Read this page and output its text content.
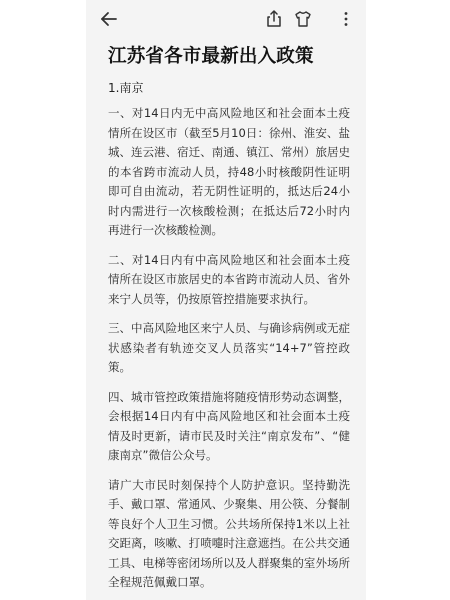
江苏省各市最新出入政策
1.南京

一、对14日内无中高风险地区和社会面本土疫情所在设区市（截至5月10日：徐州、淮安、盐城、连云港、宿迁、南通、镇江、常州）旅居史的本省跨市流动人员，持48小时核酸阴性证明即可自由流动，若无阴性证明的，抵达后24小时内需进行一次核酸检测；在抵达后72小时内再进行一次核酸检测。

二、对14日内有中高风险地区和社会面本土疫情所在设区市旅居史的本省跨市流动人员、省外来宁人员等，仍按原管控措施要求执行。

三、中高风险地区来宁人员、与确诊病例或无症状感染者有轨迹交叉人员落实“14+7”管控政策。

四、城市管控政策措施将随疫情形势动态调整，会根据14日内有中高风险地区和社会面本土疫情及时更新，请市民及时关注“南京发布”、“健康南京”微信公众号。

请广大市民时刻保持个人防护意识。坚持勤洗手、戴口罩、常通风、少聚集、用公筷、分餐制等良好个人卫生习惯。公共场所保持1米以上社交距离，咳嗽、打喷嚏时注意遮挡。在公共交通工具、电梯等密闭场所以及人群聚集的室外场所全程规范佩戴口罩。
